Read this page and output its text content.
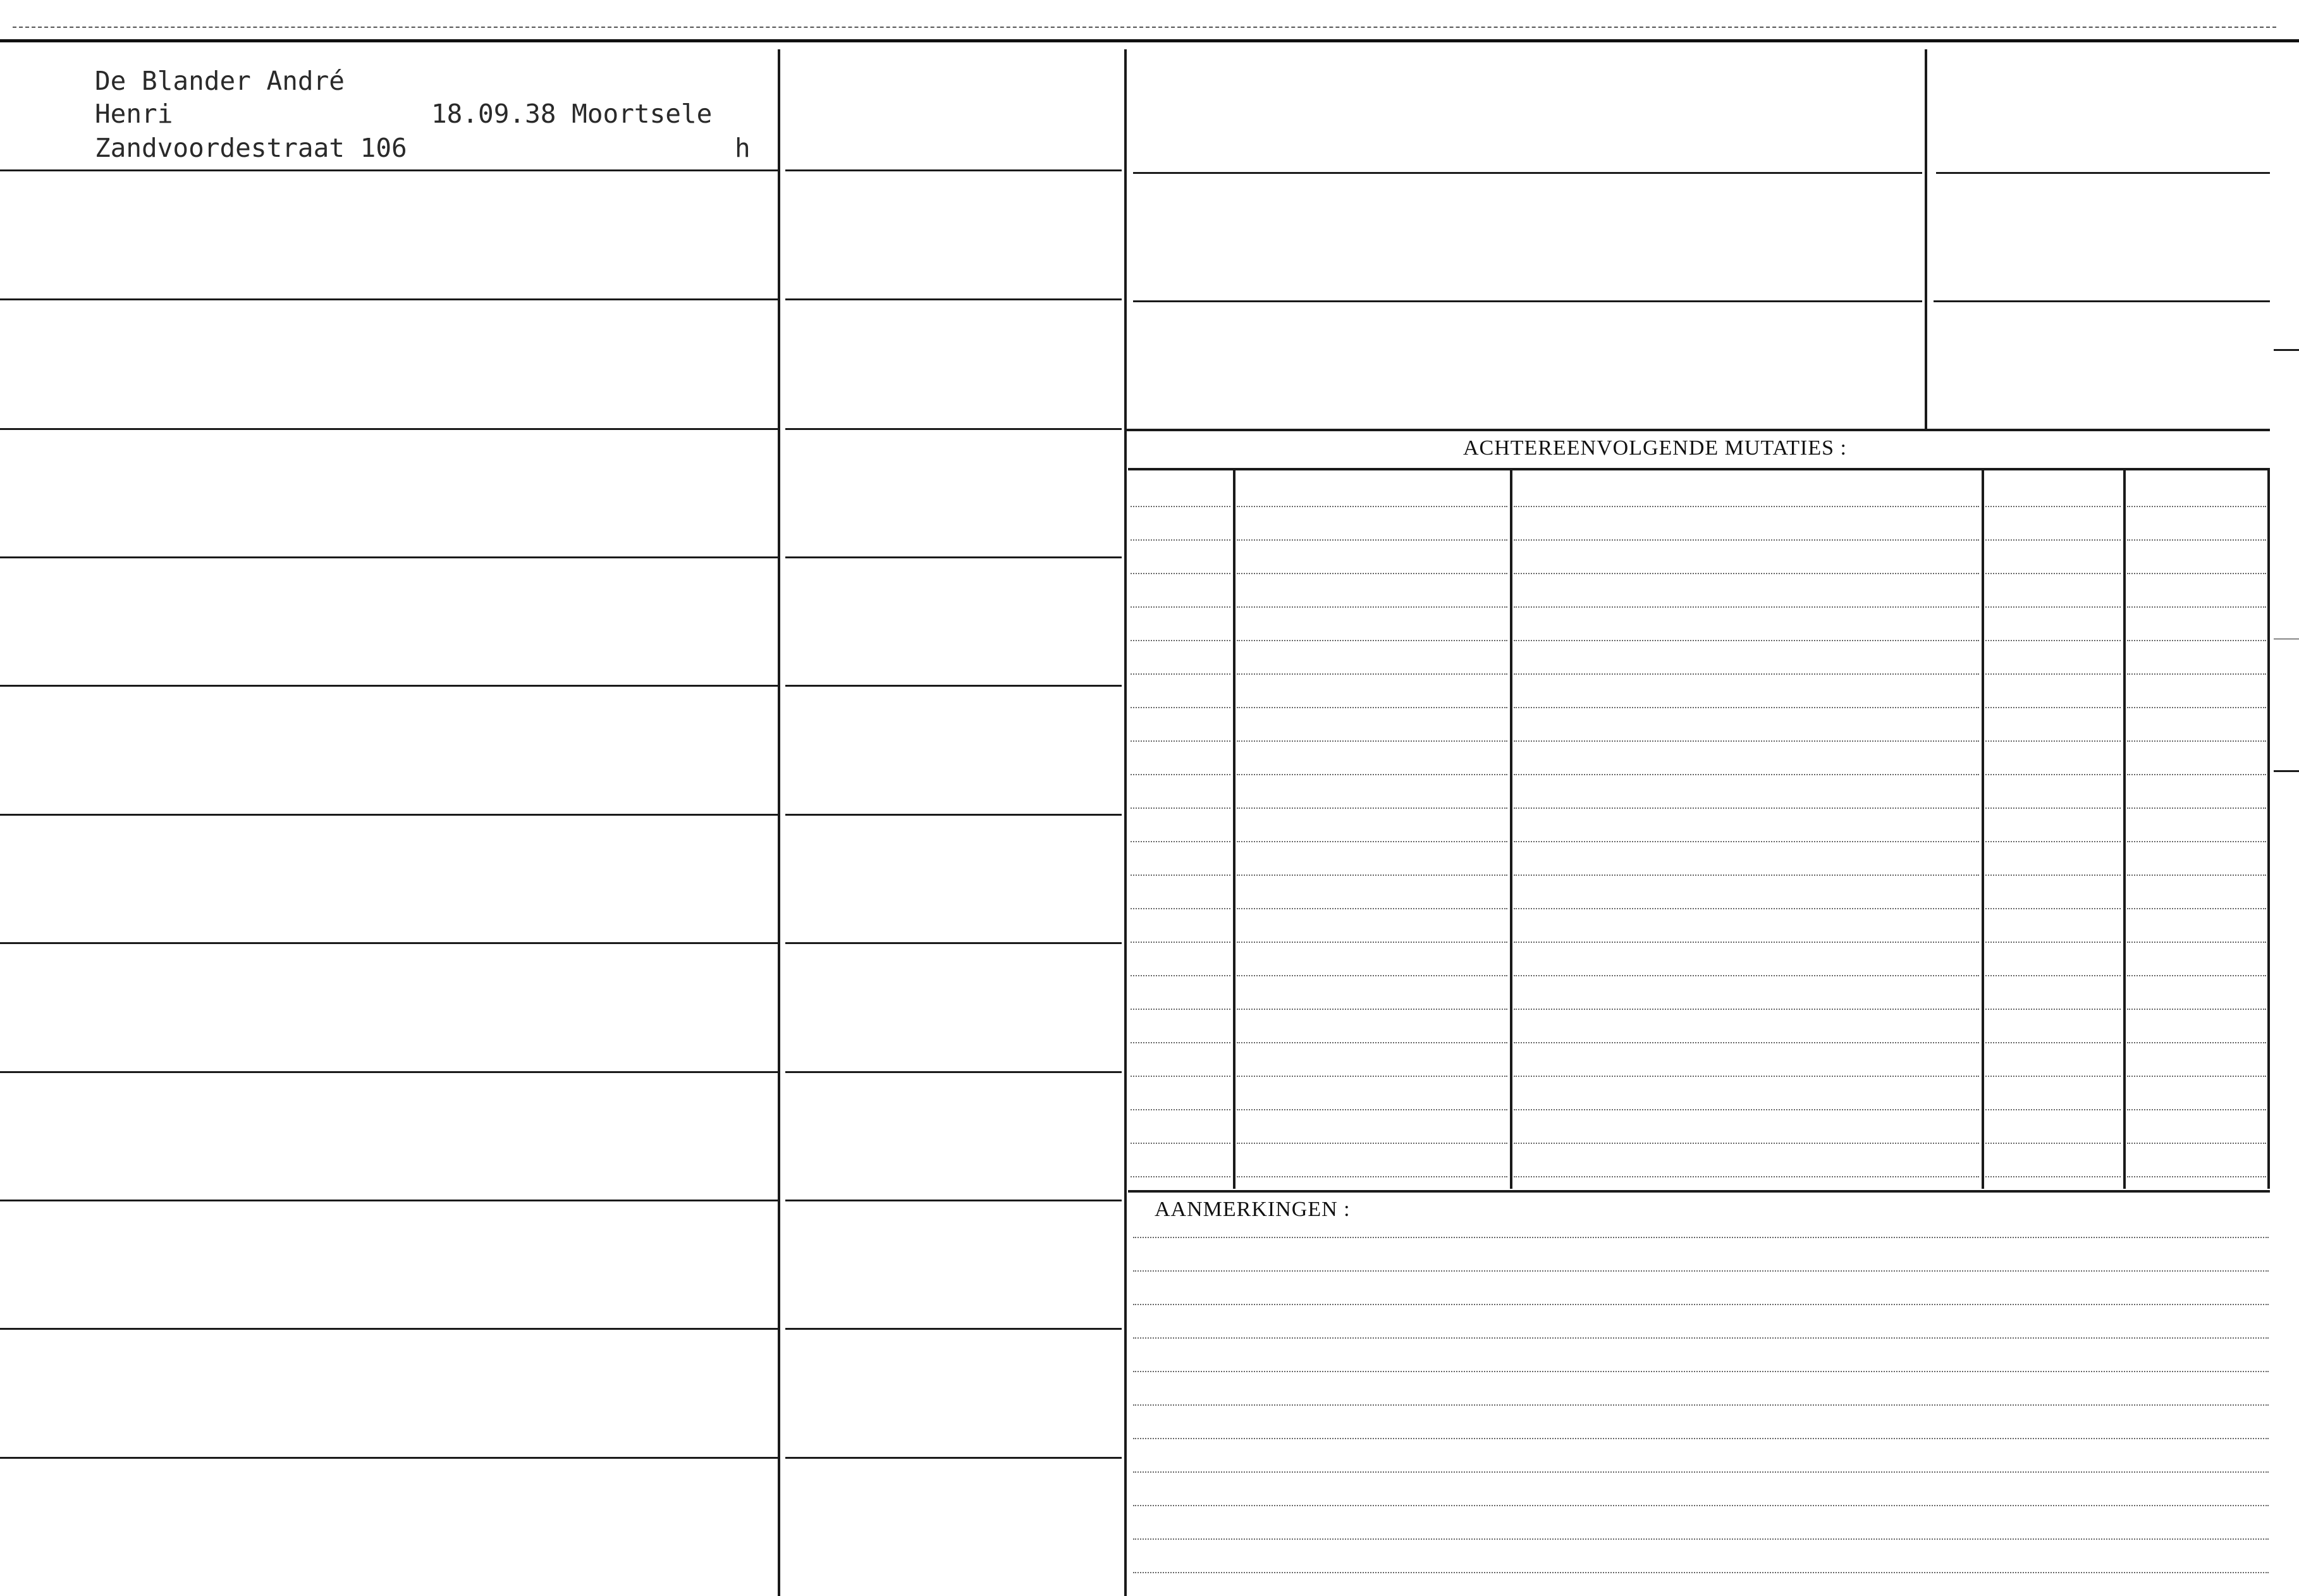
De Blander André
Henri	18.09.38 Moortsele
Zandvoordestraat 106	h
ACHTEREENVOLGENDE MUTATIES :
AANMERKINGEN :
